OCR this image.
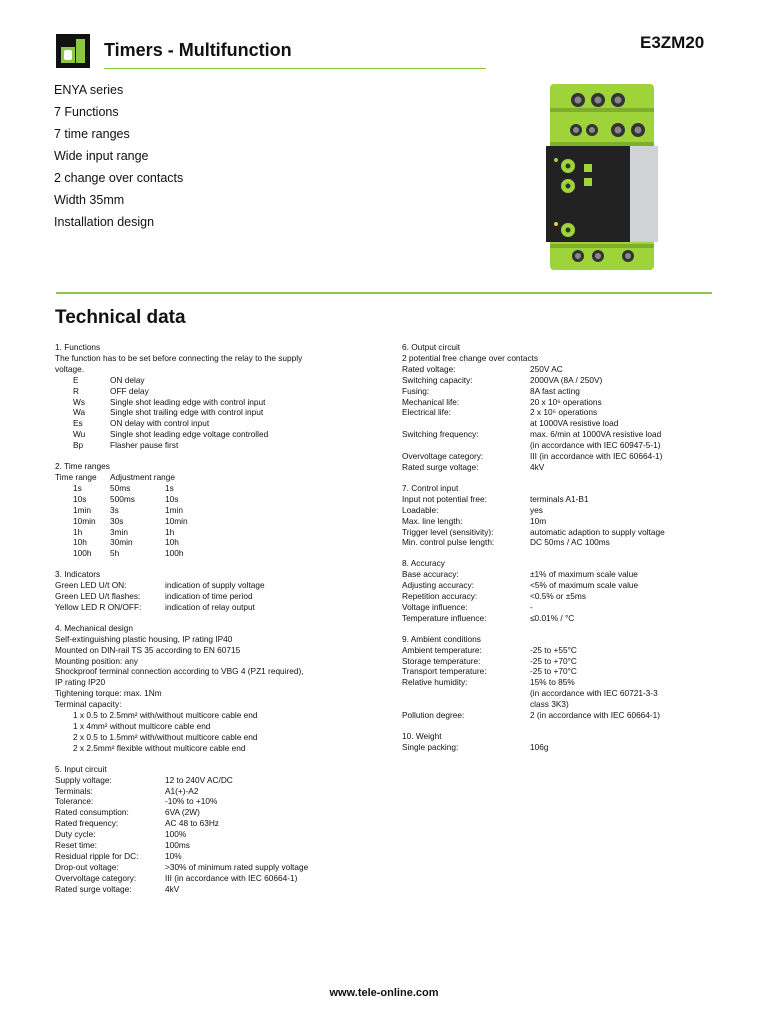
Timers - Multifunction	E3ZM20
ENYA series
7 Functions
7 time ranges
Wide input range
2 change over contacts
Width 35mm
Installation design
Technical data
1. Functions
The function has to be set before connecting the relay to the supply
voltage.
E	ON delay
R	OFF delay
Ws	Single shot leading edge with control input
Wa	Single shot trailing edge with control input
Es	ON delay with control input
Wu	Single shot leading edge voltage controlled
Bp	Flasher pause first
2. Time ranges
Time range	Adjustment range
1s	50ms	1s
10s	500ms	10s
1min	3s	1min
10min	30s	10min
1h	3min	1h
10h	30min	10h
100h	5h	100h
3. Indicators
Green LED U/t ON:	indication of supply voltage
Green LED U/t flashes:	indication of time period
Yellow LED R ON/OFF:	indication of relay output
4. Mechanical design
Self-extinguishing plastic housing, IP rating IP40
Mounted on DIN-rail TS 35 according to EN 60715
Mounting position: any
Shockproof terminal connection according to VBG 4 (PZ1 required),
IP rating IP20
Tightening torque: max. 1Nm
Terminal capacity:
1 x 0.5 to 2.5mm² with/without multicore cable end
1 x 4mm² without multicore cable end
2 x 0.5 to 1.5mm² with/without multicore cable end
2 x 2.5mm² flexible without multicore cable end
5. Input circuit
Supply voltage:	12 to 240V AC/DC
Terminals:	A1(+)-A2
Tolerance:	-10% to +10%
Rated consumption:	6VA (2W)
Rated frequency:	AC 48 to 63Hz
Duty cycle:	100%
Reset time:	100ms
Residual ripple for DC:	10%
Drop-out voltage:	>30% of minimum rated supply voltage
Overvoltage category:	III (in accordance with IEC 60664-1)
Rated surge voltage:	4kV
6. Output circuit
2 potential free change over contacts
Rated voltage:	250V AC
Switching capacity:	2000VA (8A / 250V)
Fusing:	8A fast acting
Mechanical life:	20 x 10⁶ operations
Electrical life:	2 x 10⁵ operations
at 1000VA resistive load
Switching frequency:	max. 6/min at 1000VA resistive load
(in accordance with IEC 60947-5-1)
Overvoltage category:	III (in accordance with IEC 60664-1)
Rated surge voltage:	4kV
7. Control input
Input not potential free:	terminals A1-B1
Loadable:	yes
Max. line length:	10m
Trigger level (sensitivity):	automatic adaption to supply voltage
Min. control pulse length:	DC 50ms / AC 100ms
8. Accuracy
Base accuracy:	±1% of maximum scale value
Adjusting accuracy:	<5% of maximum scale value
Repetition accuracy:	<0.5% or ±5ms
Voltage influence:	-
Temperature influence:	≤0.01% / °C
9. Ambient conditions
Ambient temperature:	-25 to +55°C
Storage temperature:	-25 to +70°C
Transport temperature:	-25 to +70°C
Relative humidity:	15% to 85%
(in accordance with IEC 60721-3-3
class 3K3)
Pollution degree:	2 (in accordance with IEC 60664-1)
10. Weight
Single packing:	106g
www.tele-online.com
